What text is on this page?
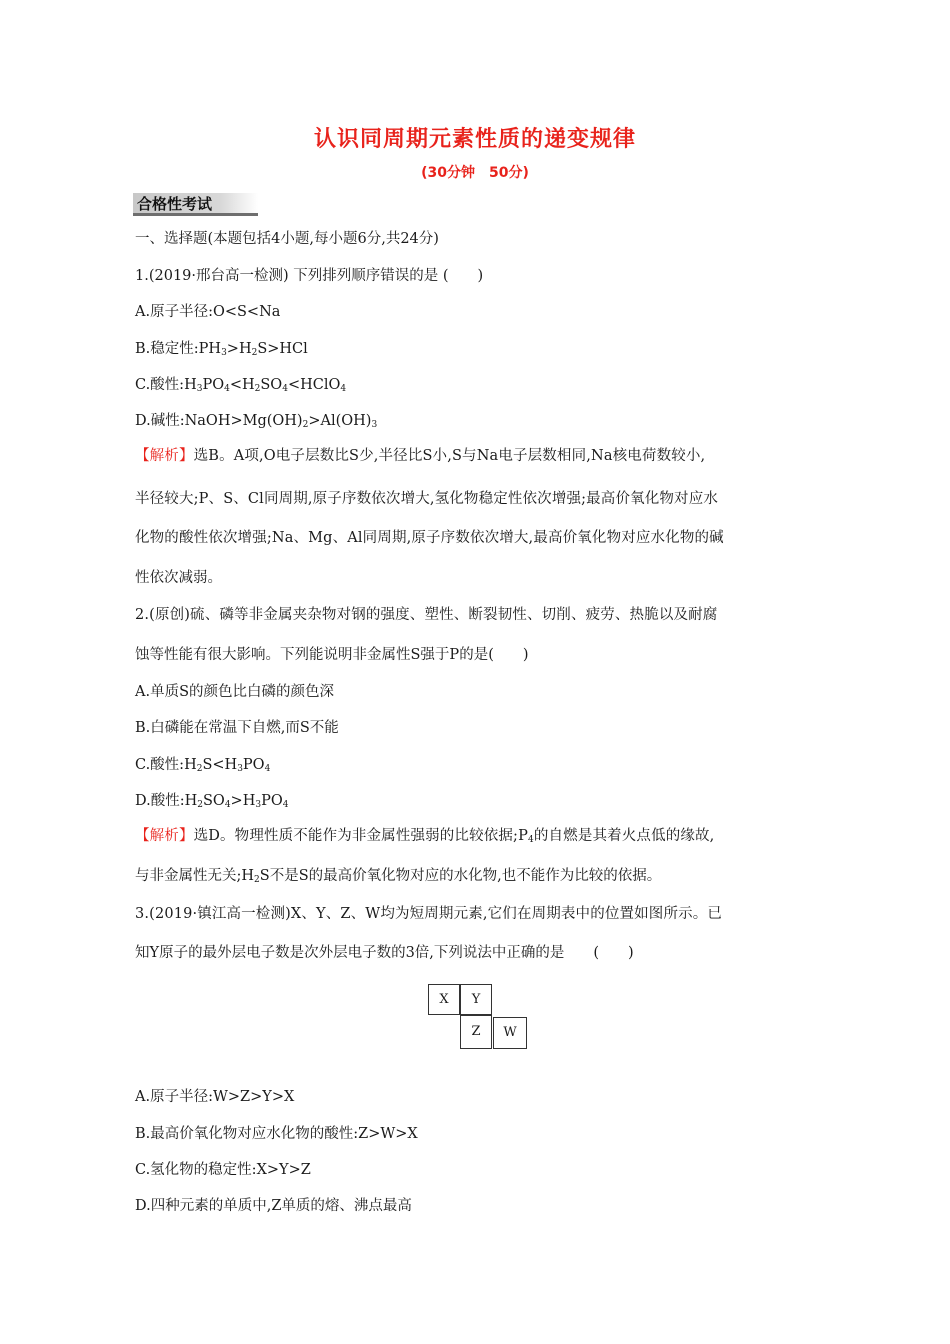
认识同周期元素性质的递变规律
(30分钟　50分)
合格性考试
一、选择题(本题包括4小题,每小题6分,共24分)
1.(2019·邢台高一检测) 下列排列顺序错误的是 (　　)
A.原子半径:O<S<Na
B.稳定性$:PH_3>H_2S>HCl$
C.酸性$:H_3PO_4<H_2SO_4<HClO_4$
D.碱性$:NaOH>Mg(OH)_2>Al(OH)_3$
【解析】选B。A项,O电子层数比S少,半径比S小,S与Na电子层数相同,Na核电荷数较小,
半径较大;P、S、Cl同周期,原子序数依次增大,氢化物稳定性依次增强;最高价氧化物对应水
化物的酸性依次增强;Na、Mg、Al同周期,原子序数依次增大,最高价氧化物对应水化物的碱
性依次减弱。
2.(原创)硫、磷等非金属夹杂物对钢的强度、塑性、断裂韧性、切削、疲劳、热脆以及耐腐
蚀等性能有很大影响。下列能说明非金属性S强于P的是(　　)
A.单质S的颜色比白磷的颜色深
B.白磷能在常温下自燃,而S不能
C.酸性$:H_2S<H_3PO_4$
D.酸性$:H_2SO_4>H_3PO_4$
【解析】选D。物理性质不能作为非金属性强弱的比较依据$;P_4$的自燃是其着火点低的缘故,
与非金属性无关$;H_2S$不是S的最高价氧化物对应的水化物,也不能作为比较的依据。
3.(2019·镇江高一检测)X、Y、Z、W均为短周期元素,它们在周期表中的位置如图所示。已
知Y原子的最外层电子数是次外层电子数的3倍,下列说法中正确的是　　(　　)
X	Y
Z	W
A.原子半径:W>Z>Y>X
B.最高价氧化物对应水化物的酸性:Z>W>X
C.氢化物的稳定性:X>Y>Z
D.四种元素的单质中,Z单质的熔、沸点最高
